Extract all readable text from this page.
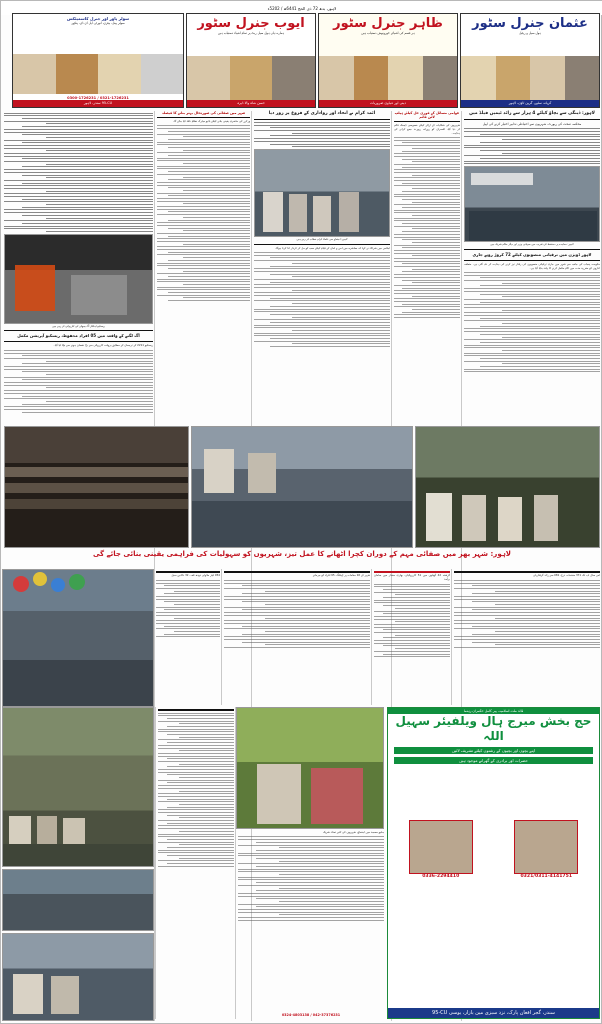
لاہور، بدھ 27 ذی الحج 1446ھ / 2025ء
عثمان جنرل سٹور
ہول سیل و ریٹیل
کریانہ سٹور، گرین ٹاؤن، لاہور
ظاہر جنرل سٹور
ہر قسم کی اشیائے خورونوش دستیاب ہیں
دینی اور دنیاوی ضروریات
ایوب جنرل سٹور
ہمارے ہاں ہول سیل ریٹ پر تمام اشیاء دستیاب ہیں
حسن شاہ والا ڈیرہ
سولر پاور اور جنرل کاسمیٹکس
سولر پینل، بیٹری، انورٹر، ایل ای ڈی، پنکھے
0321-1726231 / 0300-1726231
UC-59 سندر، لاہور
لاہور: ڈینگی سے بچاؤ کیلئے 4 ہزار سے زائد ٹیمیں فیلڈ میں
محکمہ صحت کی رپورٹ، شہریوں سے احتیاطی تدابیر اختیار کرنے کی اپیل
لاہور: معاہدے پر دستخط کی تقریب میں صوبائی وزیر اور دیگر حکام شریک ہیں
لاہور ڈویژن میں ترقیاتی منصوبوں کیلئے 27 کروڑ روپے جاری
حکومت پنجاب کی جانب سے شہر میں جاری ترقیاتی منصوبوں کی رفتار تیز کرنے کی ہدایت کر دی گئی ہے۔ متعلقہ اداروں کو مقررہ مدت میں کام مکمل کرنے کا پابند بنایا گیا ہے۔
عوامی مسائل کے فوری حل کیلئے ہیلپ لائن قائم
شہریوں کی شکایات کے ازالے کیلئے خصوصی ڈیسک قائم کر دیا گیا، افسران کو روزانہ رپورٹ جمع کرانے کی ہدایت۔
ائمہ کرام نے اتحاد اور رواداری کے فروغ پر زور دیا
لاہور: اجتماع سے علماء کرام خطاب کر رہے ہیں
اجلاس میں شرکاء نے کہا کہ معاشرے میں امن و امان کے قیام کیلئے سب کو مل کر کردار ادا کرنا ہوگا۔
شہر میں صفائی کی صورتحال بہتر بنانے کا فیصلہ
ورکرز کی حاضری یقینی بنانے کیلئے بائیو میٹرک نظام نافذ کیا جائے گا۔
ریسکیو اہلکار آگ بجھانے کی کارروائی کر رہے ہیں
آگ لگنے کے واقعہ میں 50 افراد محفوظ، ریسکیو آپریشن مکمل
ریسکیو 1122 کے ترجمان کے مطابق بروقت کارروائی سے بڑا نقصان ہونے سے بچا لیا گیا۔
لاہور: شہر بھر میں صفائی مہم کے دوران کچرا اٹھانے کا عمل تیز، شہریوں کو سہولیات کی فراہمی یقینی بنائی جائے گی
اس سال اب تک 173 مقدمات درج، 180 سے زائد گرفتاریاں
گزشتہ 24 گھنٹوں میں 15 کارروائیاں، بھاری مقدار میں سامان برآمد
شہر کے 29 مقامات پر چیکنگ، 59 افراد کو جرمانے
450 لیٹر ملاوٹی دودھ تلف، 23 دکانیں سیل
قائد ملت اسلامیہ، پیر کامل حکمران رہنما
حج بخش میرج ہال ویلفیئر سہیل اللہ
اپنے بچوں اور بچیوں کے رشتوں کیلئے تشریف لائیں
حضرات اور برادری کے گھرانے موجود ہیں
0321/0311-4141751
0336-2294410
سندر، گجر افغان پارک، نزد سبزی مین بازار، یوسی UC-59
جامع مسجد میں اجتماع، شہریوں کی کثیر تعداد شریک
042-37376231 / 0324-4803138
